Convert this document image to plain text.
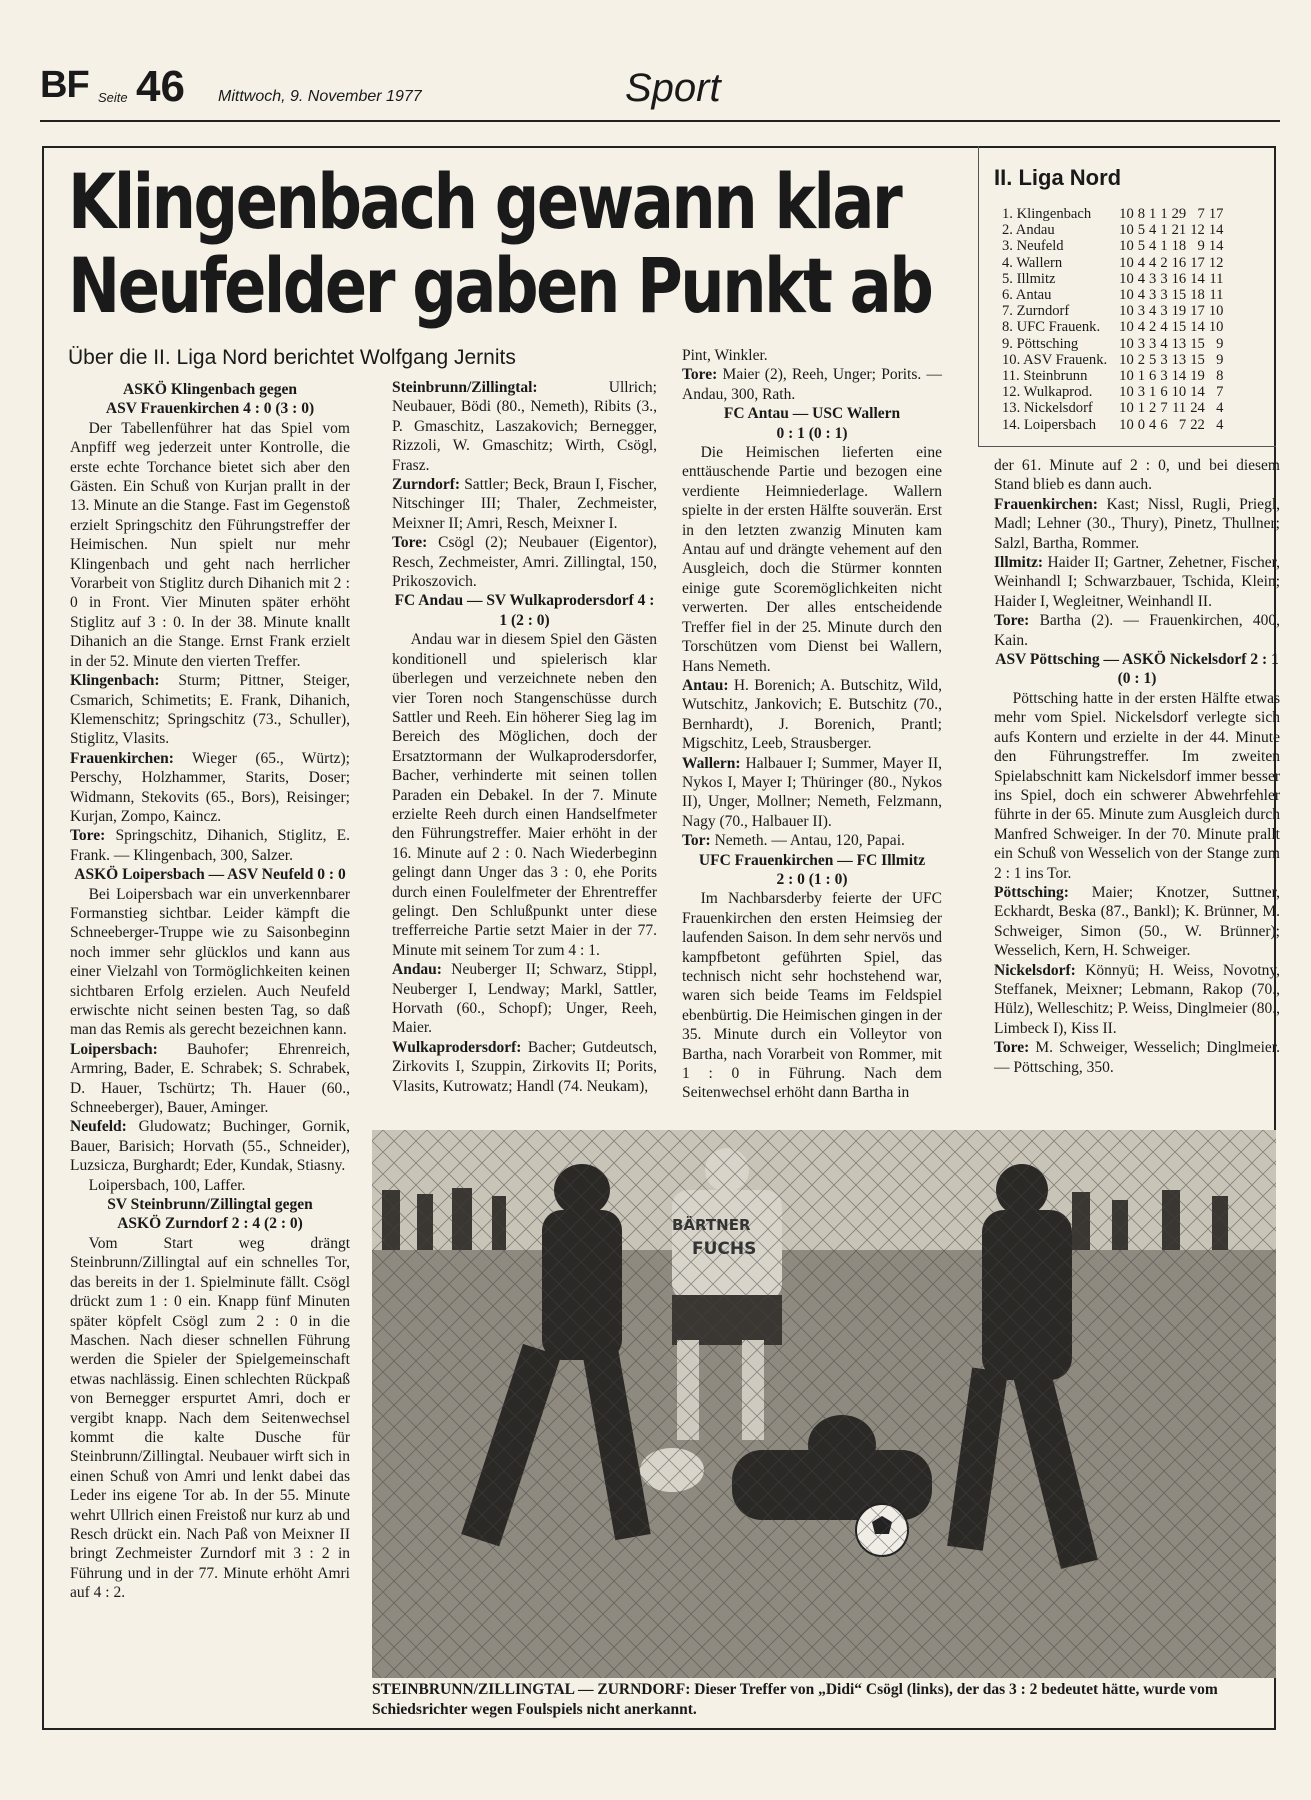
BF Seite 46 Mittwoch, 9. November 1977	Sport
Klingenbach gewann klar
Neufelder gaben Punkt ab
Über die II. Liga Nord berichtet Wolfgang Jernits
II. Liga Nord
1. Klingenbach	10	8	1	1	29	7	17
2. Andau	10	5	4	1	21	12	14
3. Neufeld	10	5	4	1	18	9	14
4. Wallern	10	4	4	2	16	17	12
5. Illmitz	10	4	3	3	16	14	11
6. Antau	10	4	3	3	15	18	11
7. Zurndorf	10	3	4	3	19	17	10
8. UFC Frauenk.	10	4	2	4	15	14	10
9. Pöttsching	10	3	3	4	13	15	9
10. ASV Frauenk.	10	2	5	3	13	15	9
11. Steinbrunn	10	1	6	3	14	19	8
12. Wulkaprod.	10	3	1	6	10	14	7
13. Nickelsdorf	10	1	2	7	11	24	4
14. Loipersbach	10	0	4	6	7	22	4

ASKÖ Klingenbach gegen

ASV Frauenkirchen 4 : 0 (3 : 0)

Der Tabellenführer hat das Spiel vom Anpfiff weg jederzeit unter Kontrolle, die erste echte Torchance bietet sich aber den Gästen. Ein Schuß von Kurjan prallt in der 13. Minute an die Stange. Fast im Gegenstoß erzielt Springschitz den Führungstreffer der Heimischen. Nun spielt nur mehr Klingenbach und geht nach herrlicher Vorarbeit von Stiglitz durch Dihanich mit 2 : 0 in Front. Vier Minuten später erhöht Stiglitz auf 3 : 0. In der 38. Minute knallt Dihanich an die Stange. Ernst Frank erzielt in der 52. Minute den vierten Treffer.

Klingenbach: Sturm; Pittner, Steiger, Csmarich, Schimetits; E. Frank, Dihanich, Klemenschitz; Springschitz (73., Schuller), Stiglitz, Vlasits.

Frauenkirchen: Wieger (65., Würtz); Perschy, Holzhammer, Starits, Doser; Widmann, Stekovits (65., Bors), Reisinger; Kurjan, Zompo, Kaincz.

Tore: Springschitz, Dihanich, Stiglitz, E. Frank. — Klingenbach, 300, Salzer.

ASKÖ Loipersbach — ASV Neufeld 0 : 0

Bei Loipersbach war ein unverkennbarer Formanstieg sichtbar. Leider kämpft die Schneeberger-Truppe wie zu Saisonbeginn noch immer sehr glücklos und kann aus einer Vielzahl von Tormöglichkeiten keinen sichtbaren Erfolg erzielen. Auch Neufeld erwischte nicht seinen besten Tag, so daß man das Remis als gerecht bezeichnen kann.

Loipersbach: Bauhofer; Ehrenreich, Armring, Bader, E. Schrabek; S. Schrabek, D. Hauer, Tschürtz; Th. Hauer (60., Schneeberger), Bauer, Aminger.

Neufeld: Gludowatz; Buchinger, Gornik, Bauer, Barisich; Horvath (55., Schneider), Luzsicza, Burghardt; Eder, Kundak, Stiasny.

Loipersbach, 100, Laffer.

SV Steinbrunn/Zillingtal gegen

ASKÖ Zurndorf 2 : 4 (2 : 0)

Vom Start weg drängt Steinbrunn/Zillingtal auf ein schnelles Tor, das bereits in der 1. Spielminute fällt. Csögl drückt zum 1 : 0 ein. Knapp fünf Minuten später köpfelt Csögl zum 2 : 0 in die Maschen. Nach dieser schnellen Führung werden die Spieler der Spielgemeinschaft etwas nachlässig. Einen schlechten Rückpaß von Bernegger erspurtet Amri, doch er vergibt knapp. Nach dem Seitenwechsel kommt die kalte Dusche für Steinbrunn/Zillingtal. Neubauer wirft sich in einen Schuß von Amri und lenkt dabei das Leder ins eigene Tor ab. In der 55. Minute wehrt Ullrich einen Freistoß nur kurz ab und Resch drückt ein. Nach Paß von Meixner II bringt Zechmeister Zurndorf mit 3 : 2 in Führung und in der 77. Minute erhöht Amri auf 4 : 2.

Steinbrunn/Zillingtal:	Ullrich; Neubauer, Bödi (80., Nemeth), Ribits (3., P. Gmaschitz, Laszakovich; Bernegger, Rizzoli, W. Gmaschitz; Wirth, Csögl, Frasz.

Zurndorf: Sattler; Beck, Braun I, Fischer, Nitschinger III; Thaler, Zechmeister, Meixner II; Amri, Resch, Meixner I.

Tore: Csögl (2); Neubauer (Eigentor), Resch, Zechmeister, Amri. Zillingtal, 150, Prikoszovich.

FC Andau — SV Wulkaprodersdorf 4 : 1 (2 : 0)

Andau war in diesem Spiel den Gästen konditionell und spielerisch klar überlegen und verzeichnete neben den vier Toren noch Stangenschüsse durch Sattler und Reeh. Ein höherer Sieg lag im Bereich des Möglichen, doch der Ersatztormann der Wulkaprodersdorfer, Bacher, verhinderte mit seinen tollen Paraden ein Debakel. In der 7. Minute erzielte Reeh durch einen Handselfmeter den Führungstreffer. Maier erhöht in der 16. Minute auf 2 : 0. Nach Wiederbeginn gelingt dann Unger das 3 : 0, ehe Porits durch einen Foulelfmeter der Ehrentreffer gelingt. Den Schlußpunkt unter diese trefferreiche Partie setzt Maier in der 77. Minute mit seinem Tor zum 4 : 1.

Andau: Neuberger II; Schwarz, Stippl, Neuberger I, Lendway; Markl, Sattler, Horvath (60., Schopf); Unger, Reeh, Maier.

Wulkaprodersdorf: Bacher; Gutdeutsch, Zirkovits I, Szuppin, Zirkovits II; Porits, Vlasits, Kutrowatz; Handl (74. Neukam),

Pint, Winkler.

Tore: Maier (2), Reeh, Unger; Porits. — Andau, 300, Rath.

FC Antau — USC Wallern

0 : 1 (0 : 1)

Die Heimischen lieferten eine enttäuschende Partie und bezogen eine verdiente Heimniederlage. Wallern spielte in der ersten Hälfte souverän. Erst in den letzten zwanzig Minuten kam Antau auf und drängte vehement auf den Ausgleich, doch die Stürmer konnten einige gute Scoremöglichkeiten nicht verwerten. Der alles entscheidende Treffer fiel in der 25. Minute durch den Torschützen vom Dienst bei Wallern, Hans Nemeth.

Antau: H. Borenich; A. Butschitz, Wild, Wutschitz, Jankovich; E. Butschitz (70., Bernhardt), J. Borenich, Prantl; Migschitz, Leeb, Strausberger.

Wallern: Halbauer I; Summer, Mayer II, Nykos I, Mayer I; Thüringer (80., Nykos II), Unger, Mollner; Nemeth, Felzmann, Nagy (70., Halbauer II).

Tor: Nemeth. — Antau, 120, Papai.

UFC Frauenkirchen — FC Illmitz

2 : 0 (1 : 0)

Im Nachbarsderby feierte der UFC Frauenkirchen den ersten Heimsieg der laufenden Saison. In dem sehr nervös und kampfbetont geführten Spiel, das technisch nicht sehr hochstehend war, waren sich beide Teams im Feldspiel ebenbürtig. Die Heimischen gingen in der 35. Minute durch ein Volleytor von Bartha, nach Vorarbeit von Rommer, mit 1 : 0 in Führung. Nach dem Seitenwechsel erhöht dann Bartha in

der 61. Minute auf 2 : 0, und bei diesem Stand blieb es dann auch.

Frauenkirchen: Kast; Nissl, Rugli, Priegl, Madl; Lehner (30., Thury), Pinetz, Thullner; Salzl, Bartha, Rommer.

Illmitz: Haider II; Gartner, Zehetner, Fischer, Weinhandl I; Schwarzbauer, Tschida, Klein; Haider I, Wegleitner, Weinhandl II.

Tore: Bartha (2). — Frauenkirchen, 400, Kain.

ASV Pöttsching — ASKÖ Nickelsdorf 2 : 1 (0 : 1)

Pöttsching hatte in der ersten Hälfte etwas mehr vom Spiel. Nickelsdorf verlegte sich aufs Kontern und erzielte in der 44. Minute den Führungstreffer. Im zweiten Spielabschnitt kam Nickelsdorf immer besser ins Spiel, doch ein schwerer Abwehrfehler führte in der 65. Minute zum Ausgleich durch Manfred Schweiger. In der 70. Minute prallt ein Schuß von Wesselich von der Stange zum 2 : 1 ins Tor.

Pöttsching: Maier; Knotzer, Suttner, Eckhardt, Beska (87., Bankl); K. Brünner, M. Schweiger, Simon (50., W. Brünner); Wesselich, Kern, H. Schweiger.

Nickelsdorf: Könnyü; H. Weiss, Novotny, Steffanek, Meixner; Lebmann, Rakop (70., Hülz), Welleschitz; P. Weiss, Dinglmeier (80., Limbeck I), Kiss II.

Tore: M. Schweiger, Wesselich; Dinglmeier. — Pöttsching, 350.

STEINBRUNN/ZILLINGTAL — ZURNDORF: Dieser Treffer von „Didi“ Csögl (links), der das 3 : 2 bedeutet hätte, wurde vom Schiedsrichter wegen Foulspiels nicht anerkannt.
